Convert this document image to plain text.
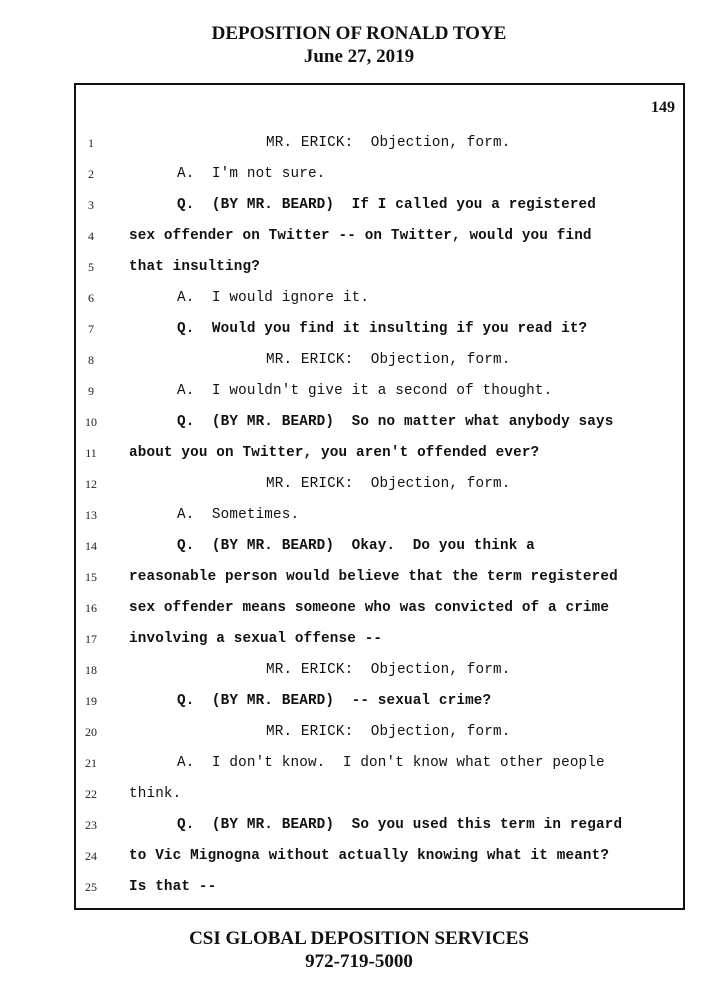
DEPOSITION OF RONALD TOYE
June 27, 2019
149
1	MR. ERICK:  Objection, form.
2	A.  I'm not sure.
3	Q.  (BY MR. BEARD)  If I called you a registered
4	sex offender on Twitter -- on Twitter, would you find
5	that insulting?
6	A.  I would ignore it.
7	Q.  Would you find it insulting if you read it?
8	MR. ERICK:  Objection, form.
9	A.  I wouldn't give it a second of thought.
10	Q.  (BY MR. BEARD)  So no matter what anybody says
11 about you on Twitter, you aren't offended ever?
12	MR. ERICK:  Objection, form.
13	A.  Sometimes.
14	Q.  (BY MR. BEARD)  Okay.  Do you think a
15 reasonable person would believe that the term registered
16 sex offender means someone who was convicted of a crime
17 involving a sexual offense --
18	MR. ERICK:  Objection, form.
19	Q.  (BY MR. BEARD)  -- sexual crime?
20	MR. ERICK:  Objection, form.
21	A.  I don't know.  I don't know what other people
22 think.
23	Q.  (BY MR. BEARD)  So you used this term in regard
24 to Vic Mignogna without actually knowing what it meant?
25 Is that --
CSI GLOBAL DEPOSITION SERVICES
972-719-5000
